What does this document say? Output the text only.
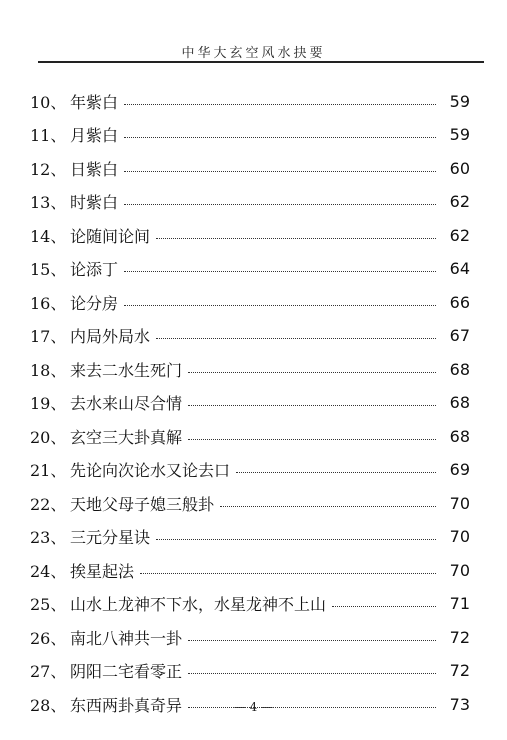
中华大玄空风水抉要
10、 年紫白	59
11、 月紫白	59
12、 日紫白	60
13、 时紫白	62
14、 论随间论间	62
15、 论添丁	64
16、 论分房	66
17、 内局外局水	67
18、 来去二水生死门	68
19、 去水来山尽合情	68
20、 玄空三大卦真解	68
21、 先论向次论水又论去口	69
22、 天地父母子媳三般卦	70
23、 三元分星诀	70
24、 挨星起法	70
25、 山水上龙神不下水，水星龙神不上山	71
26、 南北八神共一卦	72
27、 阴阳二宅看零正	72
28、 东西两卦真奇异	73
— 4 —
